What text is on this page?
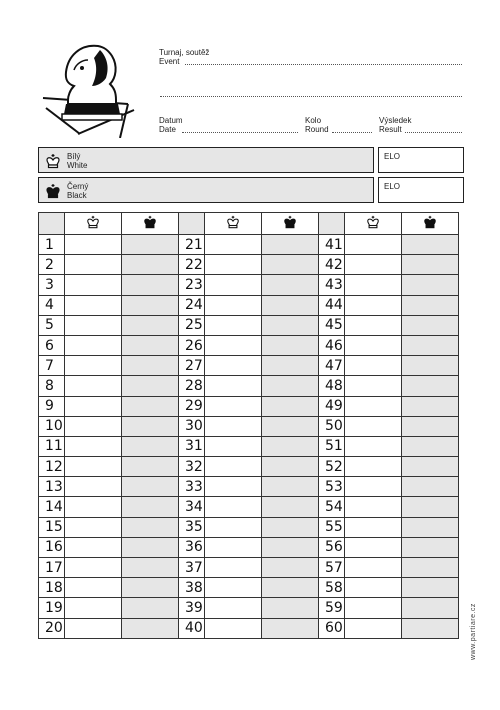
Turnaj, soutěž
Event
Datum
Date
Kolo
Round
Výsledek
Result
Bílý
White
ELO
Černý
Black
ELO

1			21			41		
2			22			42		
3			23			43		
4			24			44		
5			25			45		
6			26			46		
7			27			47		
8			28			48		
9			29			49		
10			30			50		
11			31			51		
12			32			52		
13			33			53		
14			34			54		
15			35			55		
16			36			56		
17			37			57		
18			38			58		
19			39			59		
20			40			60			www.partiare.cz
